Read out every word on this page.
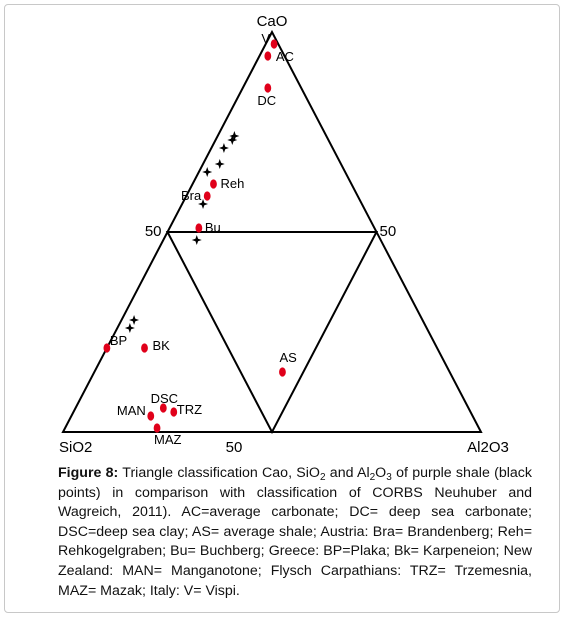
CaO
SiO2	Al2O3
50	50
50
V
AC
DC
Reh
Bra
Bu
BP BK
AS
DSC
TRZ
MAN
MAZ
Figure 8: Triangle classification Cao, SiO$_2$ and $Al_2O_3$ of purple shale (black points) in comparison with classification of CORBS Neuhuber and Wagreich, 2011). AC=average carbonate; DC= deep sea carbonate; DSC=deep sea clay; AS= average shale; Austria: Bra= Brandenberg; Reh= Rehkogelgraben; Bu= Buchberg; Greece: BP=Plaka; Bk= Karpeneion; New Zealand: MAN= Manganotone; Flysch Carpathians: TRZ= Trzemesnia, MAZ= Mazak; Italy: V= Vispi.
